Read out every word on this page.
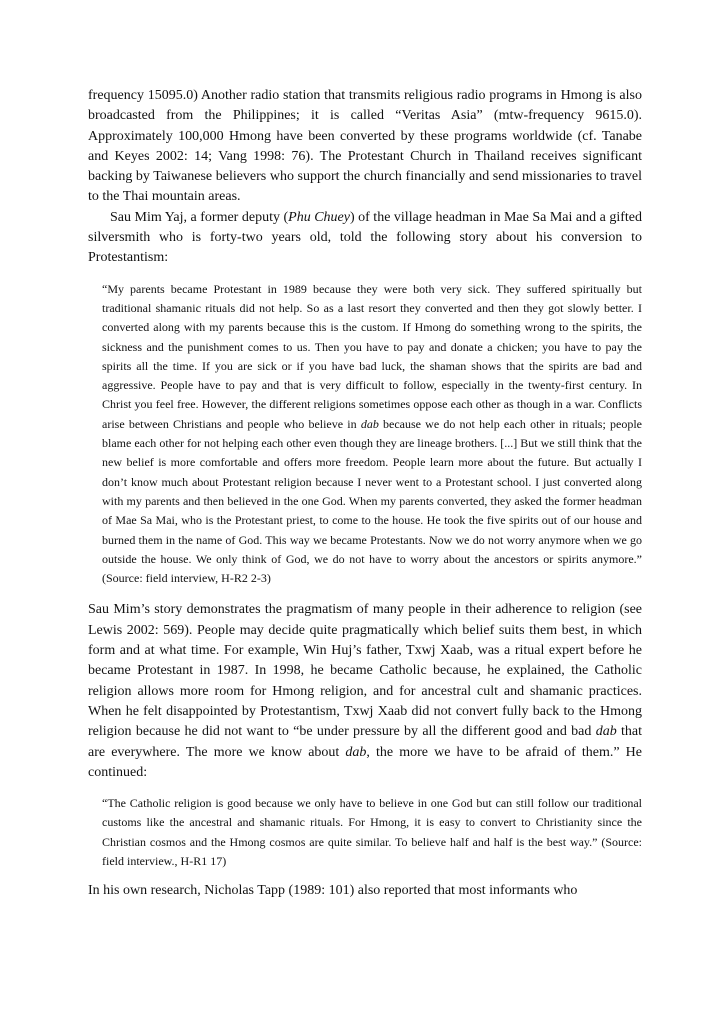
frequency 15095.0) Another radio station that transmits religious radio programs in Hmong is also broadcasted from the Philippines; it is called “Veritas Asia” (mtw-frequency 9615.0). Approximately 100,000 Hmong have been converted by these programs worldwide (cf. Tanabe and Keyes 2002: 14; Vang 1998: 76). The Protestant Church in Thailand receives significant backing by Taiwanese believers who support the church financially and send missionaries to travel to the Thai mountain areas.

Sau Mim Yaj, a former deputy (Phu Chuey) of the village headman in Mae Sa Mai and a gifted silversmith who is forty-two years old, told the following story about his conversion to Protestantism:

“My parents became Protestant in 1989 because they were both very sick. They suffered spiritually but traditional shamanic rituals did not help. So as a last resort they converted and then they got slowly better. I converted along with my parents because this is the custom. If Hmong do something wrong to the spirits, the sickness and the punishment comes to us. Then you have to pay and donate a chicken; you have to pay the spirits all the time. If you are sick or if you have bad luck, the shaman shows that the spirits are bad and aggressive. People have to pay and that is very difficult to follow, especially in the twenty-first century. In Christ you feel free. However, the different religions sometimes oppose each other as though in a war. Conflicts arise between Christians and people who believe in dab because we do not help each other in rituals; people blame each other for not helping each other even though they are lineage brothers. [...] But we still think that the new belief is more comfortable and offers more freedom. People learn more about the future. But actually I don’t know much about Protestant religion because I never went to a Protestant school. I just converted along with my parents and then believed in the one God. When my parents converted, they asked the former headman of Mae Sa Mai, who is the Protestant priest, to come to the house. He took the five spirits out of our house and burned them in the name of God. This way we became Protestants. Now we do not worry anymore when we go outside the house. We only think of God, we do not have to worry about the ancestors or spirits anymore.” (Source: field interview, H-R2 2-3)

Sau Mim’s story demonstrates the pragmatism of many people in their adherence to religion (see Lewis 2002: 569). People may decide quite pragmatically which belief suits them best, in which form and at what time. For example, Win Huj’s father, Txwj Xaab, was a ritual expert before he became Protestant in 1987. In 1998, he became Catholic because, he explained, the Catholic religion allows more room for Hmong religion, and for ancestral cult and shamanic practices. When he felt disappointed by Protestantism, Txwj Xaab did not convert fully back to the Hmong religion because he did not want to “be under pressure by all the different good and bad dab that are everywhere. The more we know about dab, the more we have to be afraid of them.” He continued:

“The Catholic religion is good because we only have to believe in one God but can still follow our traditional customs like the ancestral and shamanic rituals. For Hmong, it is easy to convert to Christianity since the Christian cosmos and the Hmong cosmos are quite similar. To believe half and half is the best way.” (Source: field interview., H-R1 17)

In his own research, Nicholas Tapp (1989: 101) also reported that most informants who
